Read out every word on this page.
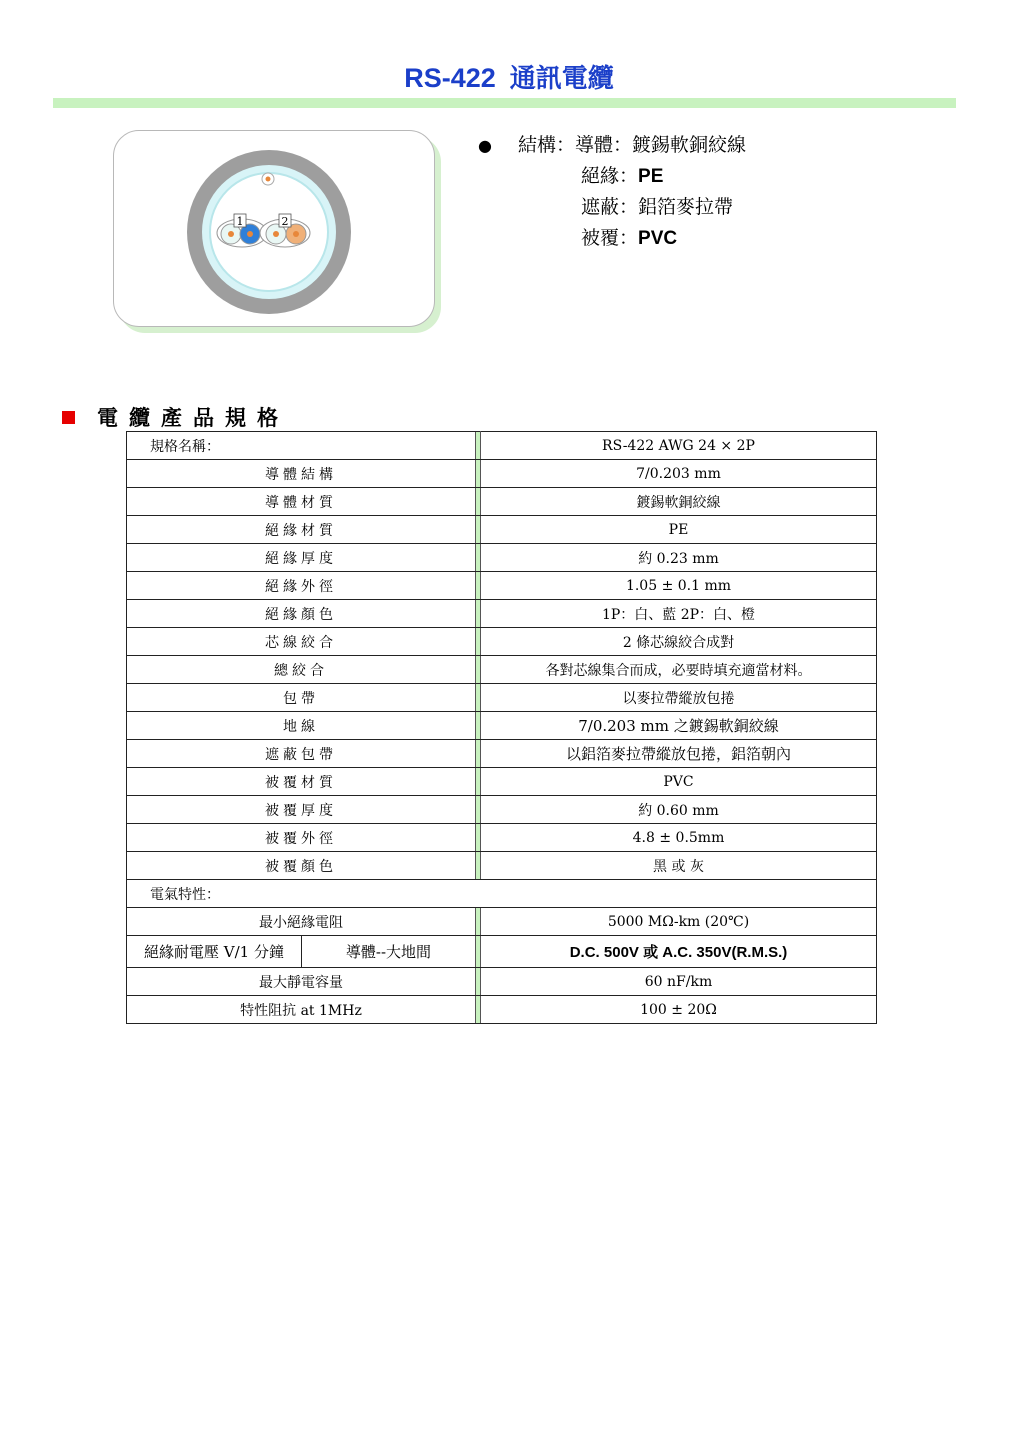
RS-422 通訊電纜
1	2
●	結構：導體： 鍍錫軟銅絞線
絕緣： PE
遮蔽： 鋁箔麥拉帶
被覆： PVC
電纜產品規格
規格名稱：		RS-422 AWG 24 × 2P
導體結構		7/0.203 mm
導體材質		鍍錫軟銅絞線
絕緣材質		PE
絕緣厚度		約 0.23 mm
絕緣外徑		1.05 ± 0.1 mm
絕緣顏色		1P：白、藍 2P：白、橙
芯線絞合		2 條芯線絞合成對
總絞合		各對芯線集合而成，必要時填充適當材料。
包帶		以麥拉帶縱放包捲
地線		7/0.203 mm 之鍍錫軟銅絞線
遮蔽包帶		以鋁箔麥拉帶縱放包捲，鋁箔朝內
被覆材質		PVC
被覆厚度		約 0.60 mm
被覆外徑		4.8 ± 0.5mm
被覆顏色		黑 或 灰
電氣特性：		
最小絕緣電阻		5000 MΩ-km (20℃)

絕緣耐電壓 V/1 分鐘 導體--大地間		D.C. 500V 或 A.C. 350V(R.M.S.)
最大靜電容量		60 nF/km
特性阻抗 at 1MHz		100 ± 20Ω
